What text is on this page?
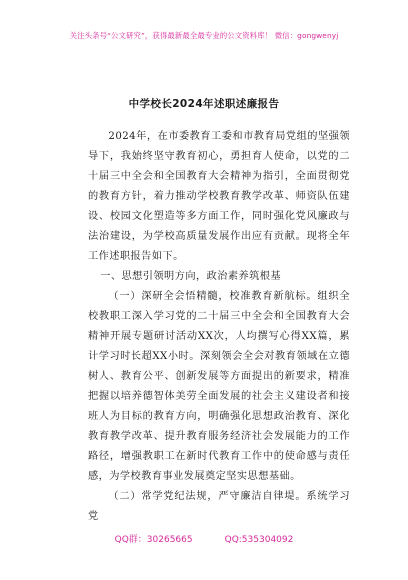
关注头条号“公文研究”，获得最新最全最专业的公文资料库！ 微信：gongwenyj
中学校长2024年述职述廉报告

2024年，在市委教育工委和市教育局党组的坚强领导下，我始终坚守教育初心，勇担育人使命，以党的二十届三中全会和全国教育大会精神为指引，全面贯彻党的教育方针，着力推动学校教育教学改革、师资队伍建设、校园文化塑造等多方面工作，同时强化党风廉政与法治建设，为学校高质量发展作出应有贡献。现将全年工作述职报告如下。

一、思想引领明方向，政治素养筑根基

（一）深研全会悟精髓，校准教育新航标。组织全校教职工深入学习党的二十届三中全会和全国教育大会精神开展专题研讨活动XX次，人均撰写心得XX篇，累计学习时长超XX小时。深刻领会全会对教育领域在立德树人、教育公平、创新发展等方面提出的新要求，精准把握以培养德智体美劳全面发展的社会主义建设者和接班人为目标的教育方向，明确强化思想政治教育、深化教育教学改革、提升教育服务经济社会发展能力的工作路径，增强教职工在新时代教育工作中的使命感与责任感，为学校教育事业发展奠定坚实思想基础。

（二）常学党纪法规，严守廉洁自律堤。系统学习党

QQ群：30265665	QQ:535304092
